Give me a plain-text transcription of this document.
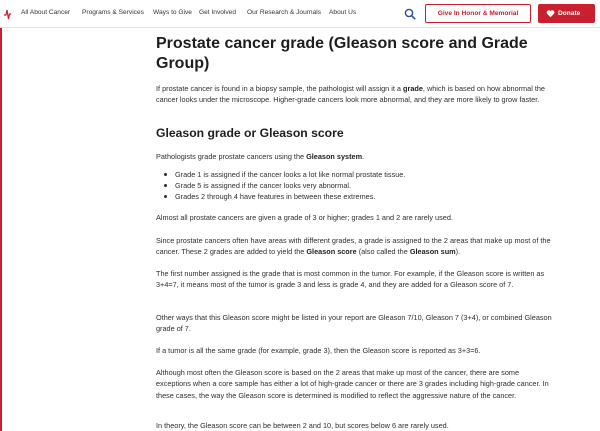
All About Cancer Programs & Services Ways to Give Get Involved Our Research & Journals About Us	Give In Honor & Memorial	Donate
Prostate cancer grade (Gleason score and Grade Group)

If prostate cancer is found in a biopsy sample, the pathologist will assign it a grade, which is based on how abnormal the cancer looks under the microscope. Higher-grade cancers look more abnormal, and they are more likely to grow faster.

Gleason grade or Gleason score

Pathologists grade prostate cancers using the Gleason system.

Grade 1 is assigned if the cancer looks a lot like normal prostate tissue.
Grade 5 is assigned if the cancer looks very abnormal.
Grades 2 through 4 have features in between these extremes.

Almost all prostate cancers are given a grade of 3 or higher; grades 1 and 2 are rarely used.

Since prostate cancers often have areas with different grades, a grade is assigned to the 2 areas that make up most of the cancer. These 2 grades are added to yield the Gleason score (also called the Gleason sum).

The first number assigned is the grade that is most common in the tumor. For example, if the Gleason score is written as 3+4=7, it means most of the tumor is grade 3 and less is grade 4, and they are added for a Gleason score of 7.

Other ways that this Gleason score might be listed in your report are Gleason 7/10, Gleason 7 (3+4), or combined Gleason grade of 7.

If a tumor is all the same grade (for example, grade 3), then the Gleason score is reported as 3+3=6.

Although most often the Gleason score is based on the 2 areas that make up most of the cancer, there are some exceptions when a core sample has either a lot of high-grade cancer or there are 3 grades including high-grade cancer. In these cases, the way the Gleason score is determined is modified to reflect the aggressive nature of the cancer.

In theory, the Gleason score can be between 2 and 10, but scores below 6 are rarely used.
